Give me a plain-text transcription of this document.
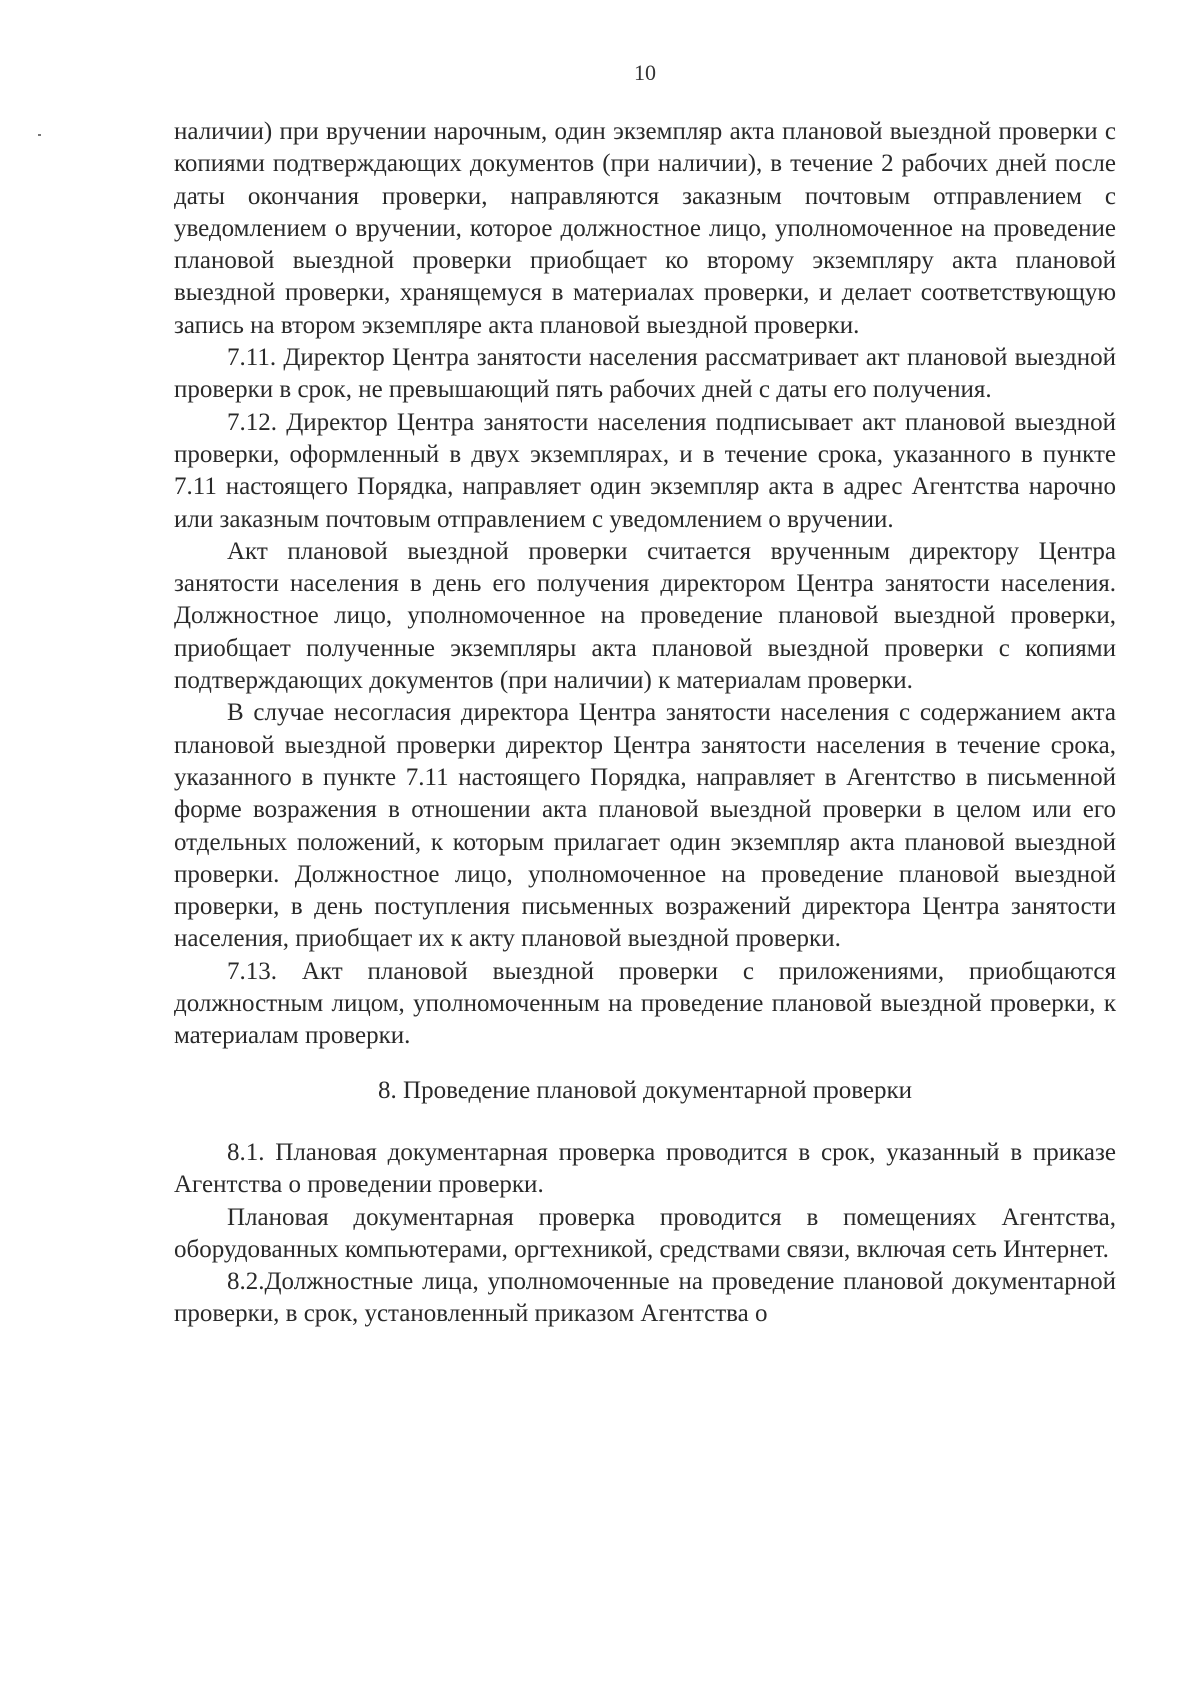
10

наличии) при вручении нарочным, один экземпляр акта плановой выездной проверки с копиями подтверждающих документов (при наличии), в течение 2 рабочих дней после даты окончания проверки, направляются заказным почтовым отправлением с уведомлением о вручении, которое должностное лицо, уполномоченное на проведение плановой выездной проверки приобщает ко второму экземпляру акта плановой выездной проверки, хранящемуся в материалах проверки, и делает соответствующую запись на втором экземпляре акта плановой выездной проверки.

7.11. Директор Центра занятости населения рассматривает акт плановой выездной проверки в срок, не превышающий пять рабочих дней с даты его получения.

7.12. Директор Центра занятости населения подписывает акт плановой выездной проверки, оформленный в двух экземплярах, и в течение срока, указанного в пункте 7.11 настоящего Порядка, направляет один экземпляр акта в адрес Агентства нарочно или заказным почтовым отправлением с уведомлением о вручении.

Акт плановой выездной проверки считается врученным директору Центра занятости населения в день его получения директором Центра занятости населения. Должностное лицо, уполномоченное на проведение плановой выездной проверки, приобщает полученные экземпляры акта плановой выездной проверки с копиями подтверждающих документов (при наличии) к материалам проверки.

В случае несогласия директора Центра занятости населения с содержанием акта плановой выездной проверки директор Центра занятости населения в течение срока, указанного в пункте 7.11 настоящего Порядка, направляет в Агентство в письменной форме возражения в отношении акта плановой выездной проверки в целом или его отдельных положений, к которым прилагает один экземпляр акта плановой выездной проверки. Должностное лицо, уполномоченное на проведение плановой выездной проверки, в день поступления письменных возражений директора Центра занятости населения, приобщает их к акту плановой выездной проверки.

7.13. Акт плановой выездной проверки с приложениями, приобщаются должностным лицом, уполномоченным на проведение плановой выездной проверки, к материалам проверки.

8. Проведение плановой документарной проверки

8.1. Плановая документарная проверка проводится в срок, указанный в приказе Агентства о проведении проверки.

Плановая документарная проверка проводится в помещениях Агентства, оборудованных компьютерами, оргтехникой, средствами связи, включая сеть Интернет.

8.2.Должностные лица, уполномоченные на проведение плановой документарной проверки, в срок, установленный приказом Агентства о
